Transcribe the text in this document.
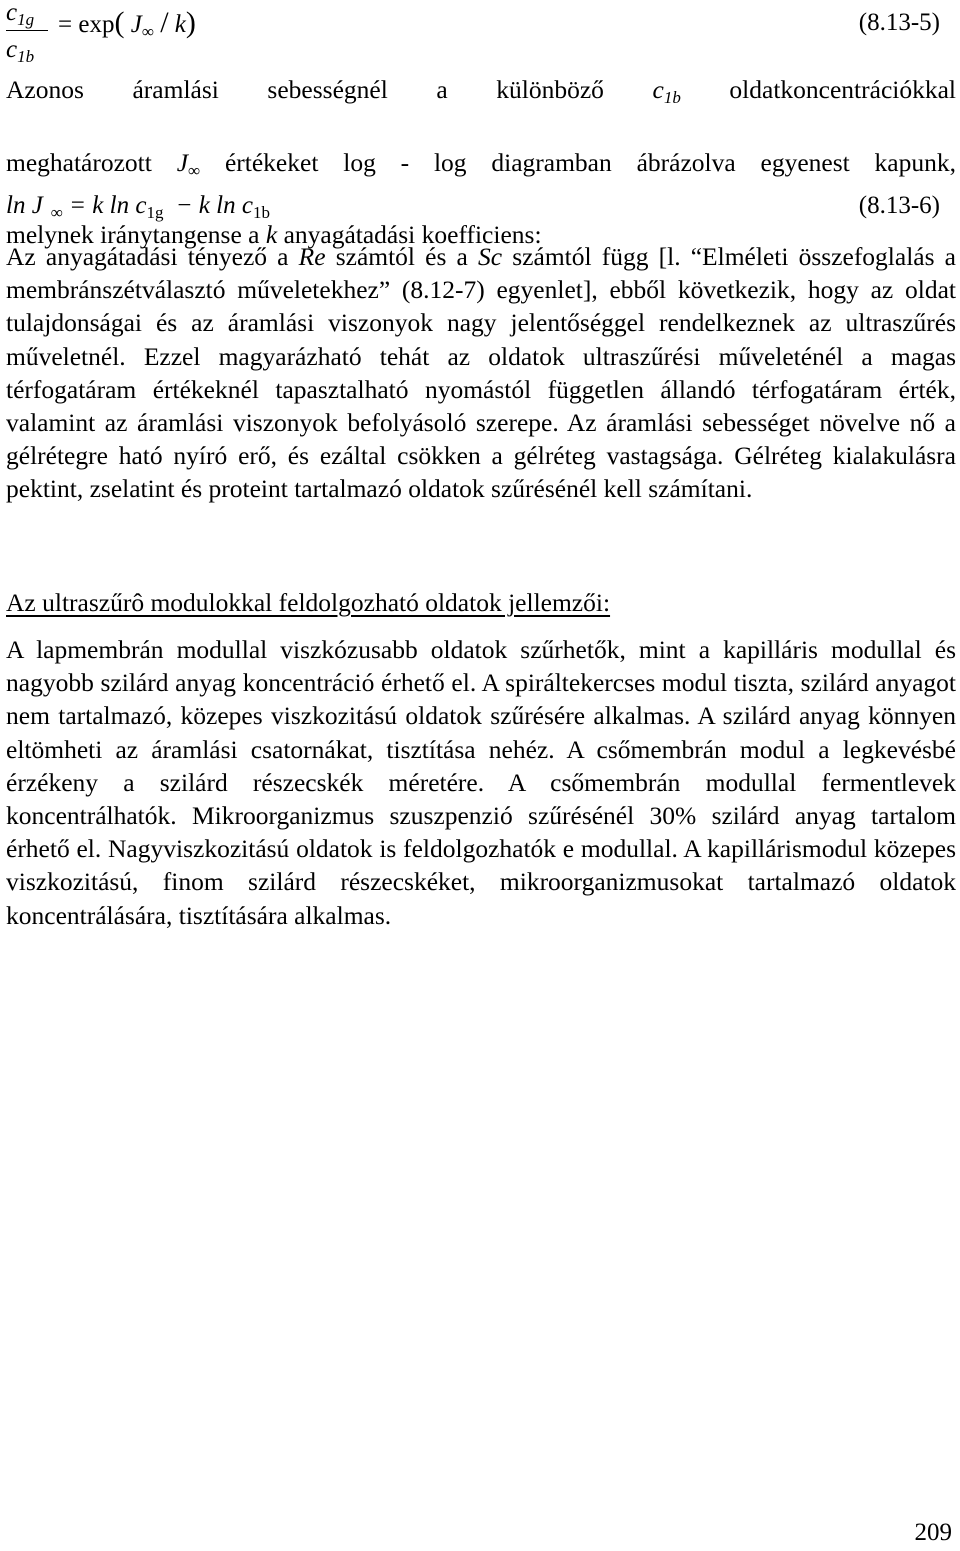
$c_{1g}$
$c_{1b}$
= exp( $J_\infty / k$)	(8.13-5)

Azonos áramlási sebességnél a különböző $c_{1b}$ oldatkoncentrációkkal

meghatározott $J_\infty$ értékeket log - log diagramban ábrázolva egyenest kapunk,

melynek iránytangense a k anyagátadási koefficiens:

ln J $_\infty$ = k $\ln c_{1g} - k$ $\ln c_{1b}$	(8.13-6)

Az anyagátadási tényező a Re számtól és a Sc számtól függ [l. “Elméleti összefoglalás a membránszétválasztó műveletekhez” (8.12-7) egyenlet], ebből következik, hogy az oldat tulajdonságai és az áramlási viszonyok nagy jelentőséggel rendelkeznek az ultraszűrés műveletnél. Ezzel magyarázható tehát az oldatok ultraszűrési műveleténél a magas térfogatáram értékeknél tapasztalható nyomástól független állandó térfogatáram érték, valamint az áramlási viszonyok befolyásoló szerepe. Az áramlási sebességet növelve nő a gélrétegre ható nyíró erő, és ezáltal csökken a gélréteg vastagsága. Gélréteg kialakulásra pektint, zselatint és proteint tartalmazó oldatok szűrésénél kell számítani.

Az ultraszűrô modulokkal feldolgozható oldatok jellemzői:

A lapmembrán modullal viszkózusabb oldatok szűrhetők, mint a kapilláris modullal és nagyobb szilárd anyag koncentráció érhető el. A spiráltekercses modul tiszta, szilárd anyagot nem tartalmazó, közepes viszkozitású oldatok szűrésére alkalmas. A szilárd anyag könnyen eltömheti az áramlási csatornákat, tisztítása nehéz. A csőmembrán modul a legkevésbé érzékeny a szilárd részecskék méretére. A csőmembrán modullal fermentlevek koncentrálhatók. Mikroorganizmus szuszpenzió szűrésénél 30% szilárd anyag tartalom érhető el. Nagyviszkozitású oldatok is feldolgozhatók e modullal. A kapillárismodul közepes viszkozitású, finom szilárd részecskéket, mikroorganizmusokat tartalmazó oldatok koncentrálására, tisztítására alkalmas.

209
